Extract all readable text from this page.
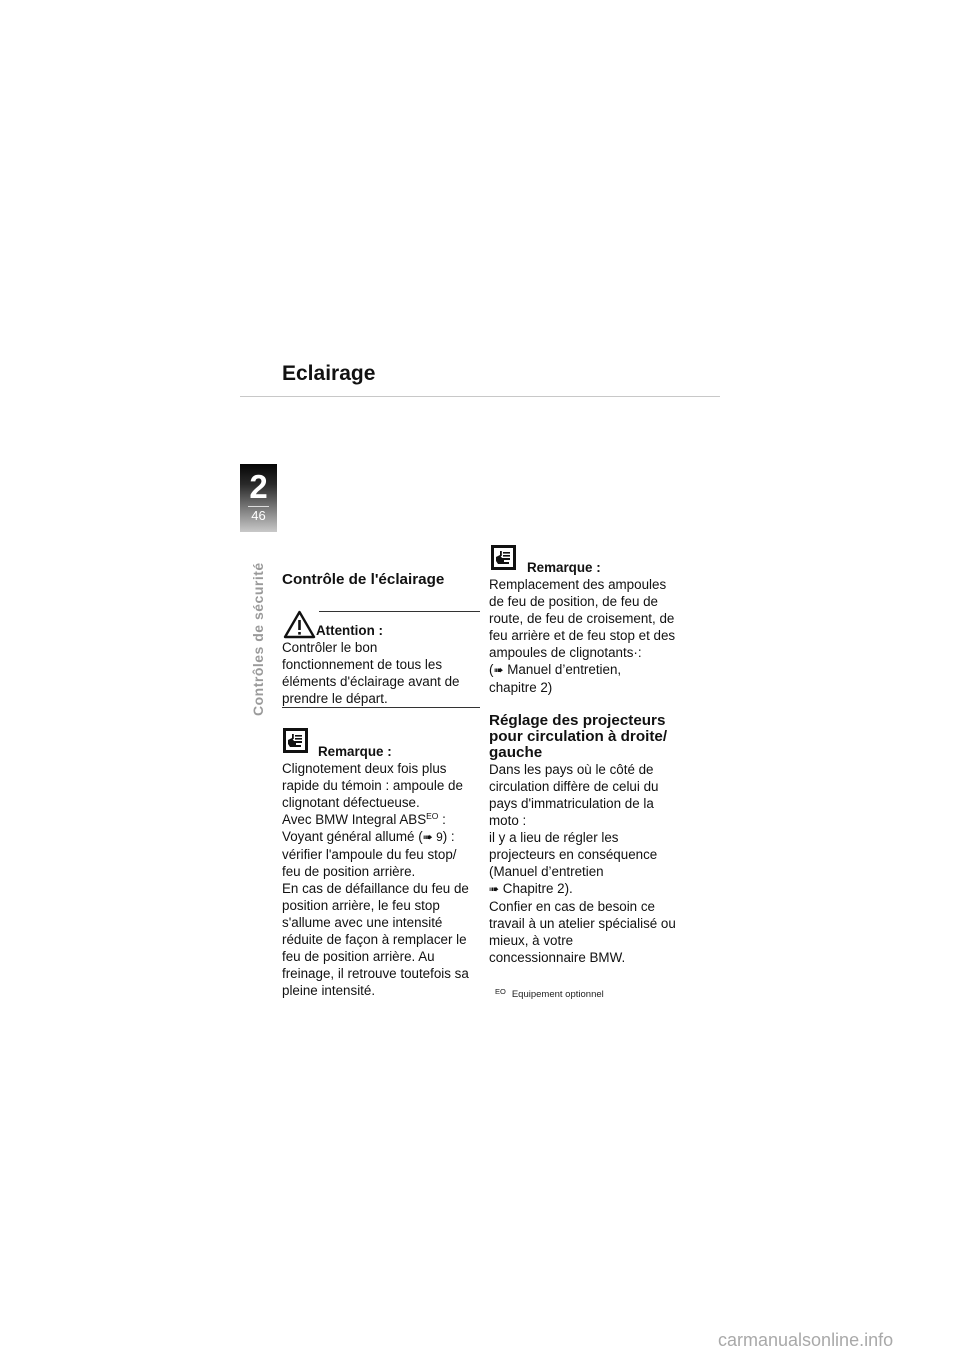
Eclairage
2
46
Contrôles de sécurité Contrôle de l'éclairage
Attention :
Contrôler le bon
fonctionnement de tous les
éléments d'éclairage avant de
prendre le départ.
Remarque :
Clignotement deux fois plus
rapide du témoin : ampoule de
clignotant défectueuse.
Avec BMW Integral $ABS^{EO}$ :
Voyant général allumé (➠ 9) :
vérifier l'ampoule du feu stop/
feu de position arrière.
En cas de défaillance du feu de
position arrière, le feu stop
s'allume avec une intensité
réduite de façon à remplacer le
feu de position arrière. Au
freinage, il retrouve toutefois sa
pleine intensité.
Remarque :
Remplacement des ampoules
de feu de position, de feu de
route, de feu de croisement, de
feu arrière et de feu stop et des
ampoules de clignotants·:
(➠ Manuel d’entretien,
chapitre 2)
Réglage des projecteurs
pour circulation à droite/
gauche
Dans les pays où le côté de
circulation diffère de celui du
pays d'immatriculation de la
moto :
il y a lieu de régler les
projecteurs en conséquence
(Manuel d’entretien
➠ Chapitre 2).
Confier en cas de besoin ce
travail à un atelier spécialisé ou
mieux, à votre
concessionnaire BMW.
$^{EO}$ Equipement optionnel
carmanualsonline.info
